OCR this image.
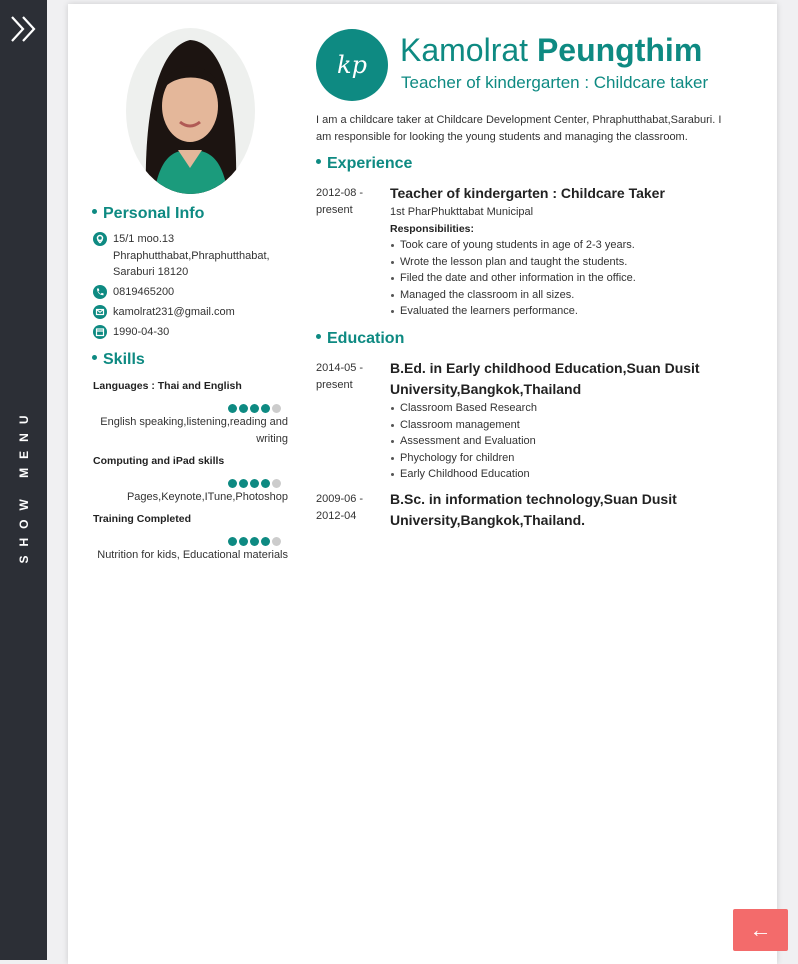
SHOW MENU
Personal Info
15/1 moo.13 Phraphutthabat,Phraphutthabat, Saraburi 18120
0819465200
kamolrat231@gmail.com
1990-04-30
Skills
Languages : Thai and English
English speaking,listening,reading and writing
Computing and iPad skills
Pages,Keynote,ITune,Photoshop
Training Completed
Nutrition for kids, Educational materials
kp	Kamolrat Peungthim
Teacher of kindergarten : Childcare taker
I am a childcare taker at Childcare Development Center, Phraphutthabat,Saraburi. I am responsible for looking the young students and managing the classroom.
Experience
2012-08 - present
Teacher of kindergarten : Childcare Taker
1st PharPhukttabat Municipal
Responsibilities:
Took care of young students in age of 2-3 years.
Wrote the lesson plan and taught the students.
Filed the date and other information in the office.
Managed the classroom in all sizes.
Evaluated the learners performance.
Education
2014-05 - present
B.Ed. in Early childhood Education,Suan Dusit University,Bangkok,Thailand
Classroom Based Research
Classroom management
Assessment and Evaluation
Phychology for children
Early Childhood Education
2009-06 - 2012-04
B.Sc. in information technology,Suan Dusit University,Bangkok,Thailand.
←
